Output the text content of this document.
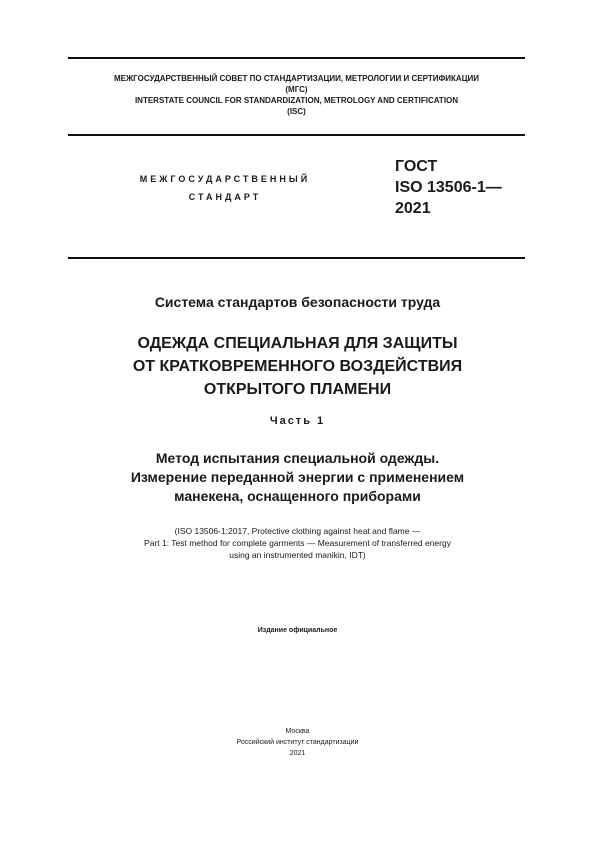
МЕЖГОСУДАРСТВЕННЫЙ СОВЕТ ПО СТАНДАРТИЗАЦИИ, МЕТРОЛОГИИ И СЕРТИФИКАЦИИ
(МГС)
INTERSTATE COUNCIL FOR STANDARDIZATION, METROLOGY AND CERTIFICATION
(ISC)
МЕЖГОСУДАРСТВЕННЫЙ
СТАНДАРТ
ГОСТ
ISO 13506-1—
2021
Система стандартов безопасности труда
ОДЕЖДА СПЕЦИАЛЬНАЯ ДЛЯ ЗАЩИТЫ
ОТ КРАТКОВРЕМЕННОГО ВОЗДЕЙСТВИЯ
ОТКРЫТОГО ПЛАМЕНИ
Часть 1
Метод испытания специальной одежды.
Измерение переданной энергии с применением
манекена, оснащенного приборами
(ISO 13506-1:2017, Protective clothing against heat and flame —
Part 1: Test method for complete garments — Measurement of transferred energy
using an instrumented manikin, IDT)
Издание официальное
Москва
Российский институт стандартизации
2021
